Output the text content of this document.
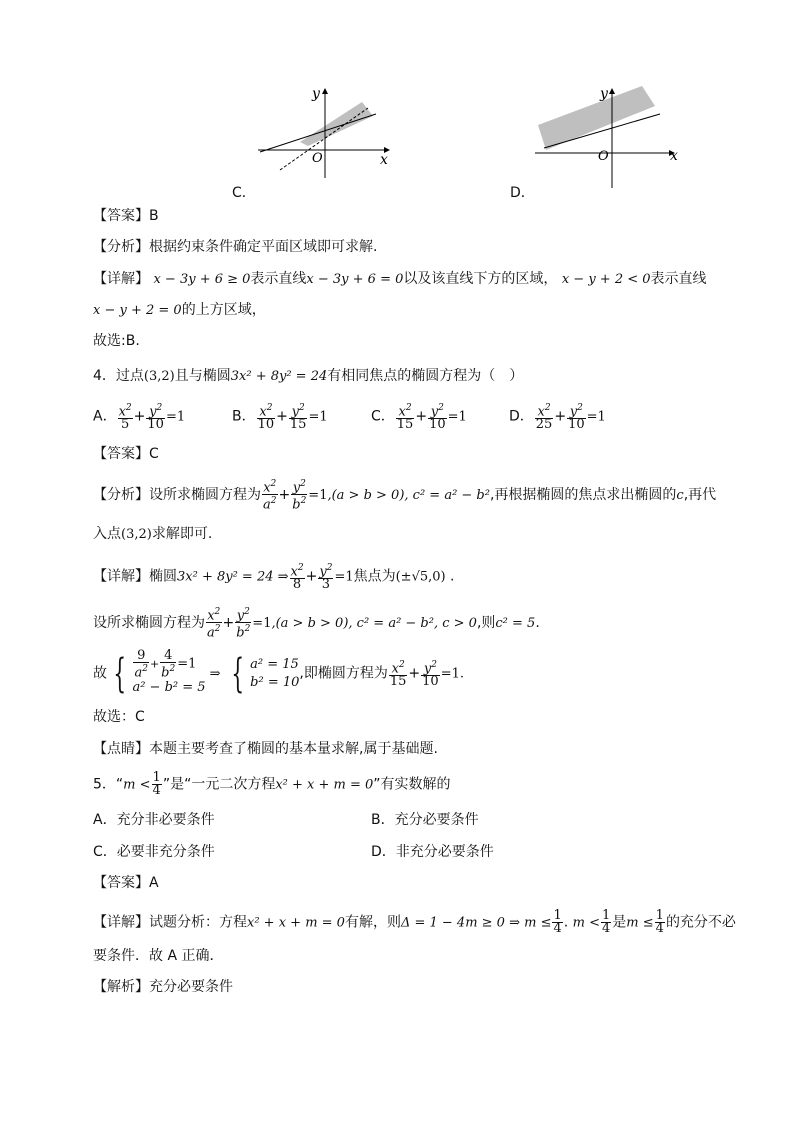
y
x
O
C．
y
x
O
D．
【答案】B
【分析】根据约束条件确定平面区域即可求解.
【详解】 x − 3y + 6 ≥ 0表示直线x − 3y + 6 = 0以及该直线下方的区域， x − y + 2 < 0表示直线
x − y + 2 = 0的上方区域，
故选:B.
4．过点(3,2)且与椭圆3x² + 8y² = 24有相同焦点的椭圆方程为（　）
A． $\frac{x^2}{5} + \frac{y^2}{10} =1$	B． $\frac{x^2}{10} + \frac{y^2}{15} =1$	C． $\frac{x^2}{15} + \frac{y^2}{10} =1$	D． $\frac{x^2}{25} + \frac{y^2}{10} =1$
【答案】C
【分析】设所求椭圆方程为 $\frac{x^2}{a^2} + \frac{y^2}{b^2} =1,(a > b > 0)$, c² = a² − b²,再根据椭圆的焦点求出椭圆的c,再代
入点(3,2)求解即可.
【详解】椭圆3x² + 8y² = 24 ⇒ $\frac{x^2}{8} + \frac{y^2}{3} =1$焦点为(±√5,0) .
设所求椭圆方程为 $\frac{x^2}{a^2} + \frac{y^2}{b^2} =1,(a > b > 0)$, c² = a² − b², c > 0,则c² = 5.
故 { $\frac{9}{a^2} + \frac{4}{b^2} =1$
a² − b² = 5
⇒ { a² = 15
b² = 10
,即椭圆方程为 $\frac{x^2}{15} + \frac{y^2}{10} =1$.
故选：C
【点睛】本题主要考查了椭圆的基本量求解,属于基础题.
5．“$m < \frac{1}{4}$ ”是“一元二次方程x² + x + m = 0”有实数解的
A．充分非必要条件	B．充分必要条件
C．必要非充分条件	D．非充分必要条件
【答案】A
【详解】试题分析：方程x² + x + m = 0有解，则Δ = 1 − 4m ≥ 0 ⇒ $m \le \frac{1}{4}$ . $m < \frac{1}{4}$ 是$m \le \frac{1}{4}$ 的充分不必
要条件．故 A 正确．
【解析】充分必要条件
